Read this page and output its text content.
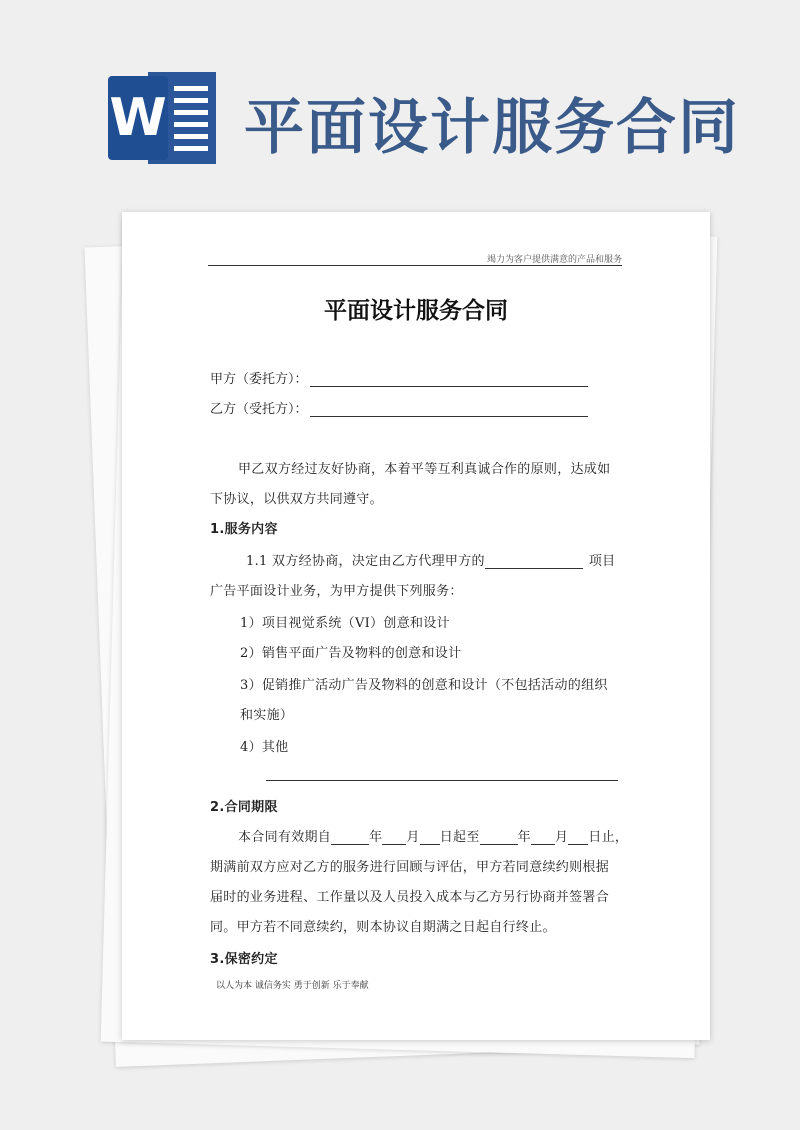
W 平面设计服务合同
竭力为客户提供满意的产品和服务
平面设计服务合同
甲方（委托方）：
乙方（受托方）：
甲乙双方经过友好协商，本着平等互利真诚合作的原则，达成如
下协议，以供双方共同遵守。
1.服务内容
1.1 双方经协商，决定由乙方代理甲方的	项目
广告平面设计业务，为甲方提供下列服务：
1）项目视觉系统（VI）创意和设计
2）销售平面广告及物料的创意和设计
3）促销推广活动广告及物料的创意和设计（不包括活动的组织
和实施）
4）其他
2.合同期限
本合同有效期自	年 月 日起至	年 月 日止，
期满前双方应对乙方的服务进行回顾与评估，甲方若同意续约则根据
届时的业务进程、工作量以及人员投入成本与乙方另行协商并签署合
同。甲方若不同意续约，则本协议自期满之日起自行终止。
3.保密约定
以人为本 诚信务实 勇于创新 乐于奉献
